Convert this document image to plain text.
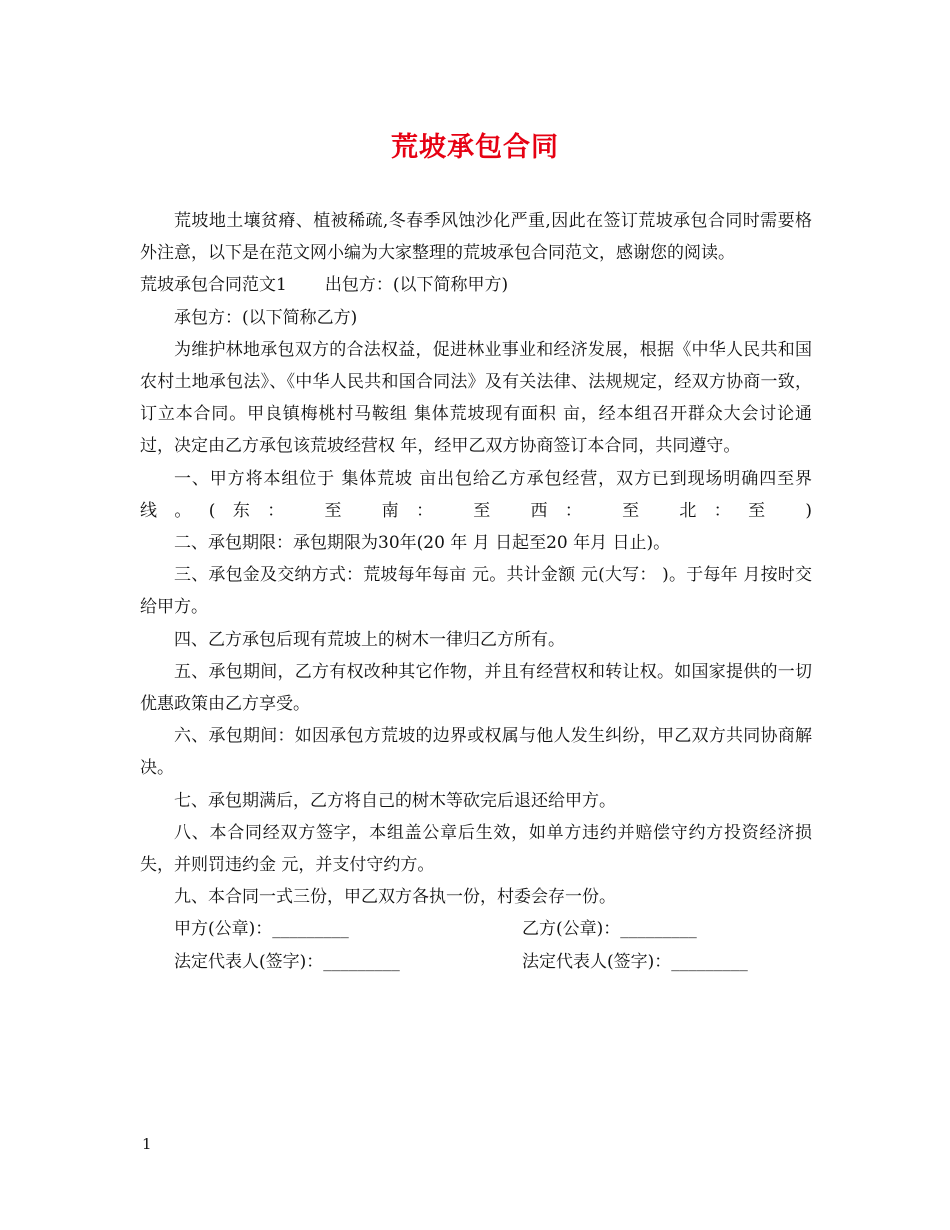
荒坡承包合同

荒坡地土壤贫瘠、植被稀疏,冬春季风蚀沙化严重,因此在签订荒坡承包合同时需要格外注意，以下是在范文网小编为大家整理的荒坡承包合同范文，感谢您的阅读。

荒坡承包合同范文1 出包方：(以下简称甲方)

承包方：(以下简称乙方)

为维护林地承包双方的合法权益，促进林业事业和经济发展，根据《中华人民共和国农村土地承包法》、《中华人民共和国合同法》及有关法律、法规规定，经双方协商一致，订立本合同。甲良镇梅桃村马鞍组 集体荒坡现有面积 亩，经本组召开群众大会讨论通过，决定由乙方承包该荒坡经营权 年，经甲乙双方协商签订本合同，共同遵守。

一、甲方将本组位于 集体荒坡 亩出包给乙方承包经营，双方已到现场明确四至界线。(东： 至 南： 至 西： 至 北：至 )

二、承包期限：承包期限为30年(20 年 月 日起至20 年月 日止)。

三、承包金及交纳方式：荒坡每年每亩 元。共计金额 元(大写： )。于每年 月按时交给甲方。

四、乙方承包后现有荒坡上的树木一律归乙方所有。

五、承包期间，乙方有权改种其它作物，并且有经营权和转让权。如国家提供的一切优惠政策由乙方享受。

六、承包期间：如因承包方荒坡的边界或权属与他人发生纠纷，甲乙双方共同协商解决。

七、承包期满后，乙方将自己的树木等砍完后退还给甲方。

八、本合同经双方签字，本组盖公章后生效，如单方违约并赔偿守约方投资经济损失，并则罚违约金 元，并支付守约方。

九、本合同一式三份，甲乙双方各执一份，村委会存一份。

甲方(公章)：_________	乙方(公章)：_________
法定代表人(签字)：_________	法定代表人(签字)：_________
1
